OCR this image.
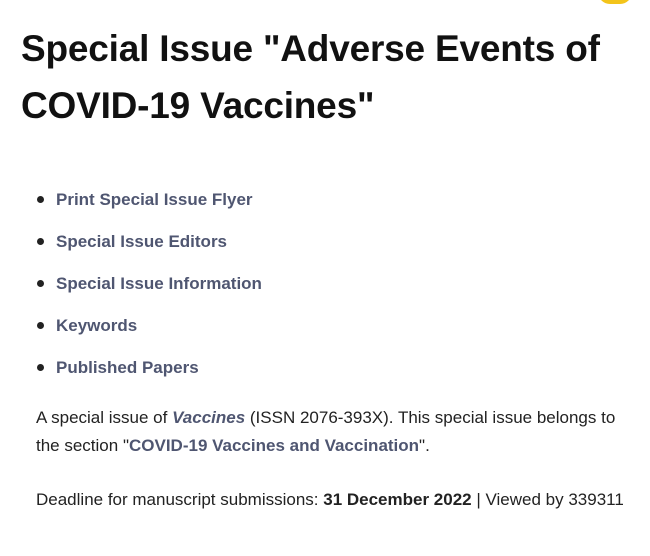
Special Issue "Adverse Events of COVID-19 Vaccines"
Print Special Issue Flyer
Special Issue Editors
Special Issue Information
Keywords
Published Papers

A special issue of Vaccines (ISSN 2076-393X). This special issue belongs to the section "COVID-19 Vaccines and Vaccination".

Deadline for manuscript submissions: 31 December 2022 | Viewed by 339311
